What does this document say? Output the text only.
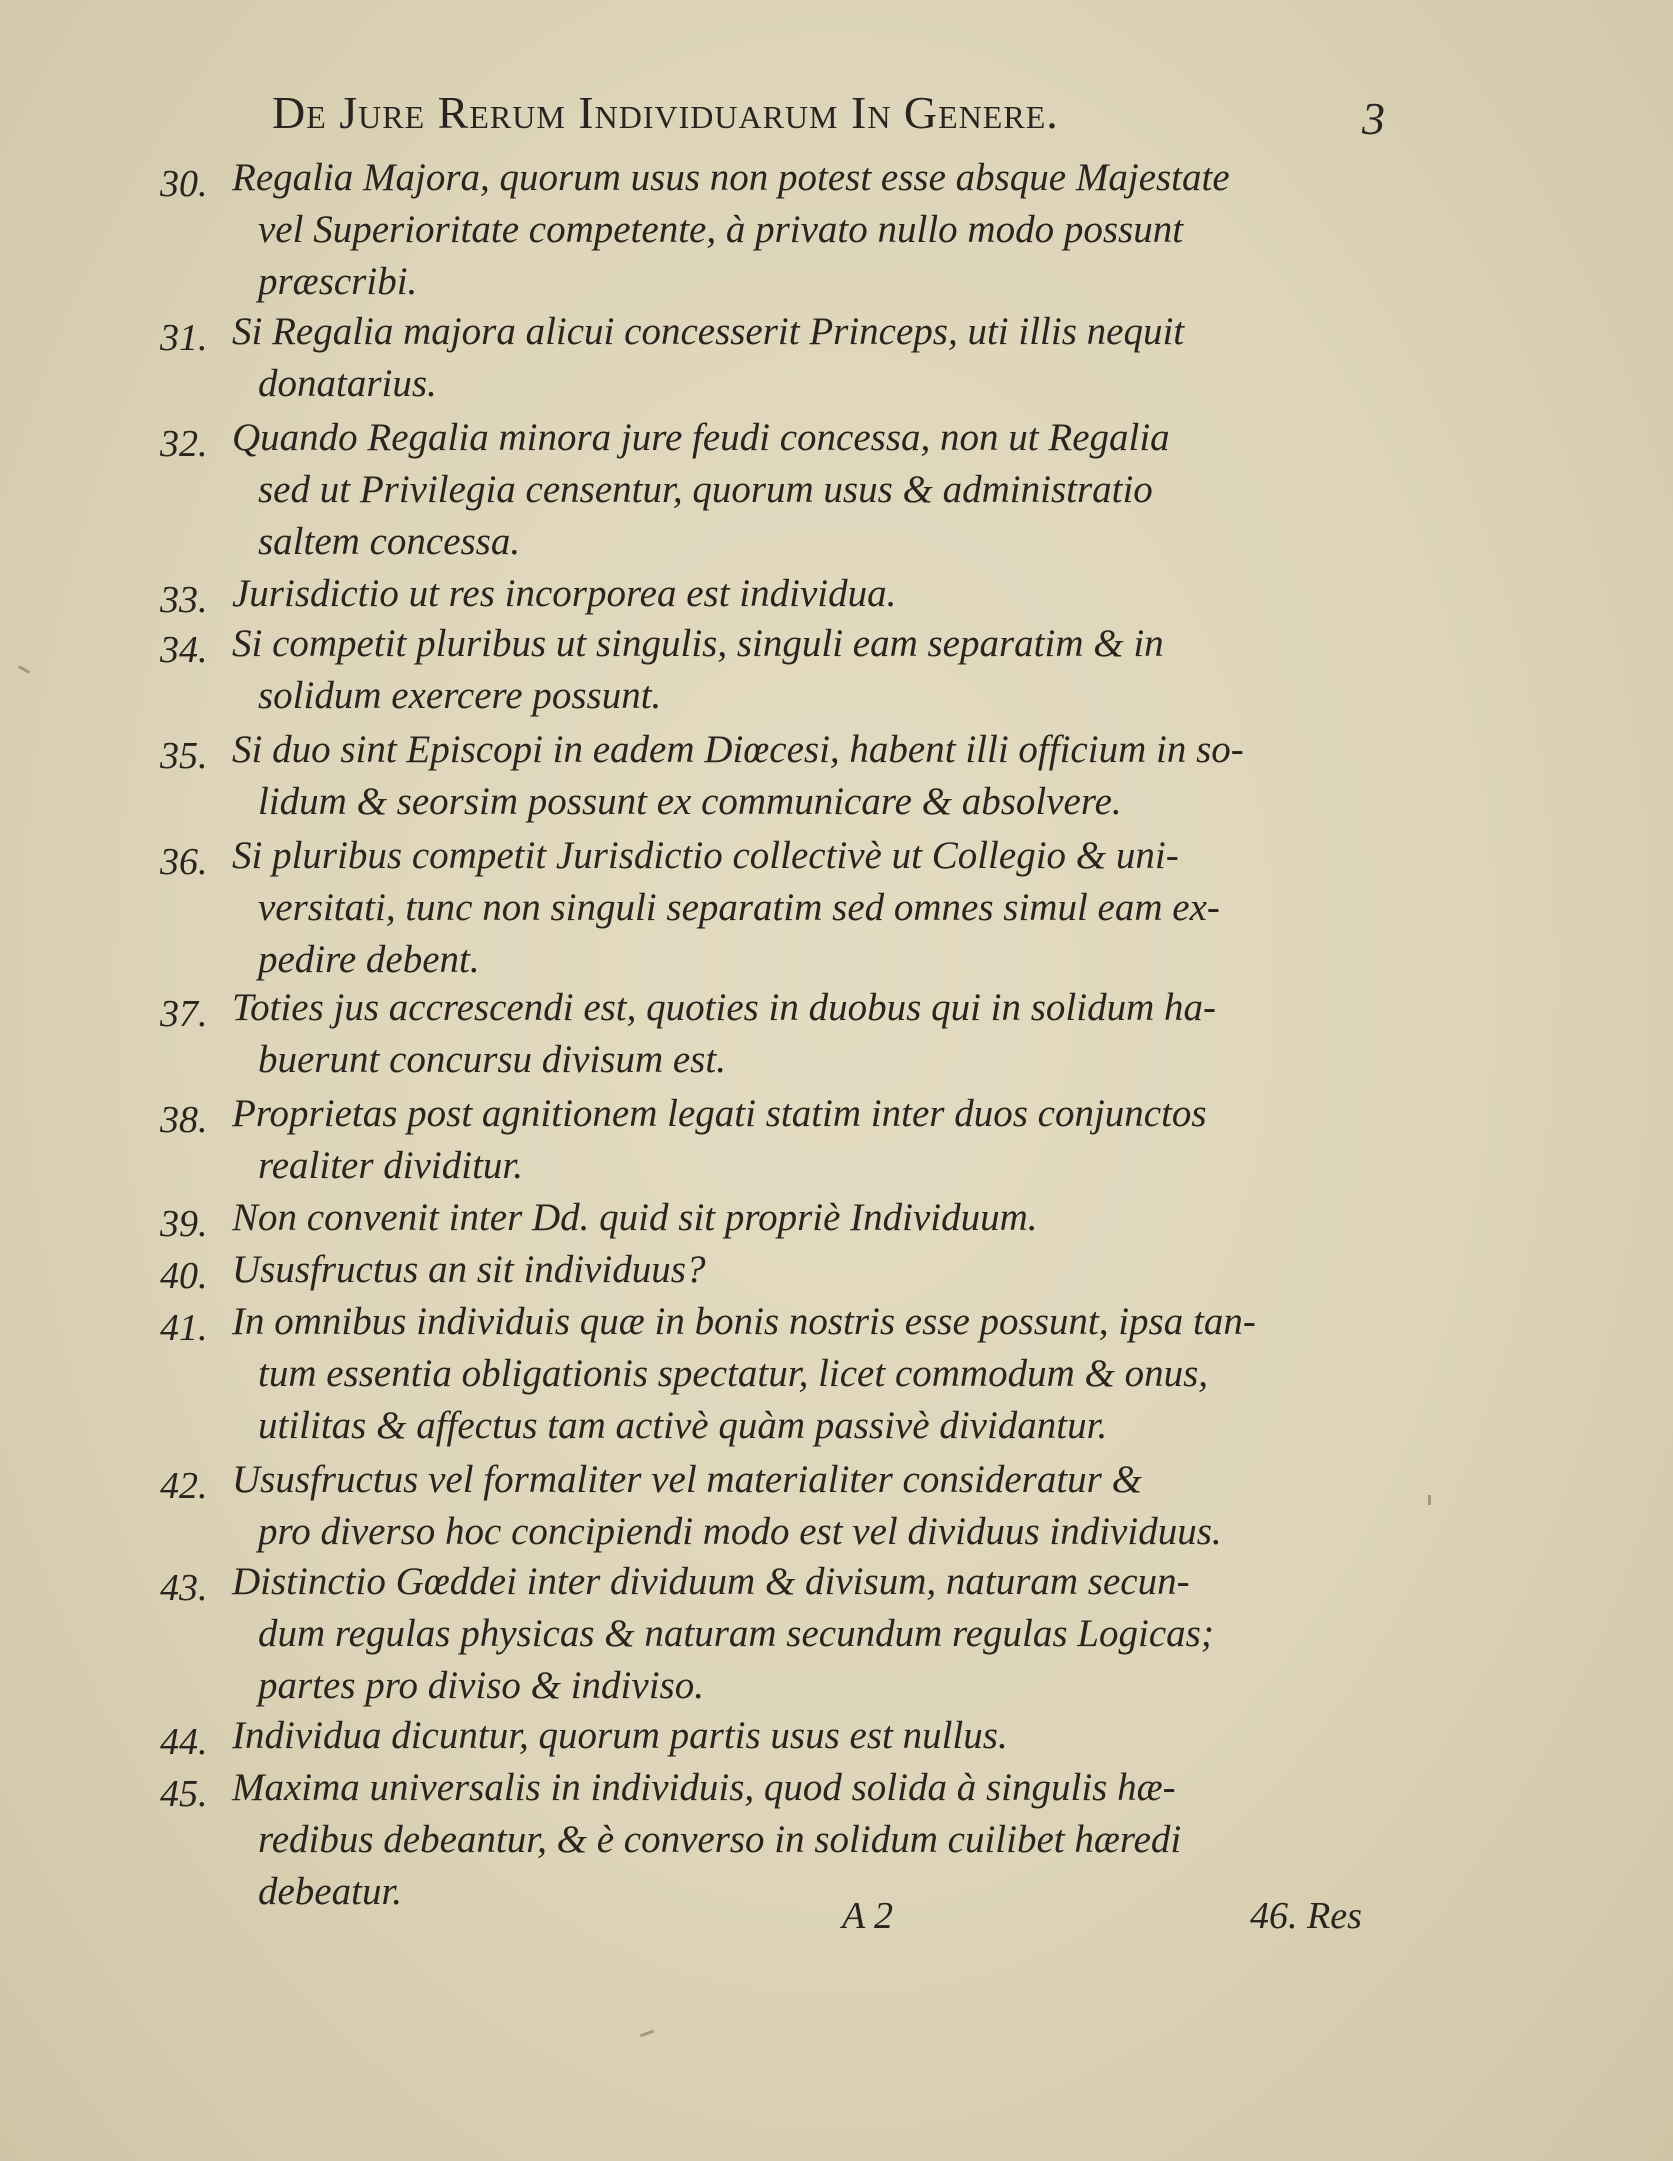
De Jure Rerum Individuarum In Genere.	3
30. Regalia Majora, quorum usus non potest esse absque Majestate
vel Superioritate competente, à privato nullo modo possunt
præscribi.
31. Si Regalia majora alicui concesserit Princeps, uti illis nequit
donatarius.
32. Quando Regalia minora jure feudi concessa, non ut Regalia
sed ut Privilegia censentur, quorum usus & administratio
saltem concessa.
33. Jurisdictio ut res incorporea est individua.
34. Si competit pluribus ut singulis, singuli eam separatim & in
solidum exercere possunt.
35. Si duo sint Episcopi in eadem Diœcesi, habent illi officium in so-
lidum & seorsim possunt ex communicare & absolvere.
36. Si pluribus competit Jurisdictio collectivè ut Collegio & uni-
versitati, tunc non singuli separatim sed omnes simul eam ex-
pedire debent.
37. Toties jus accrescendi est, quoties in duobus qui in solidum ha-
buerunt concursu divisum est.
38. Proprietas post agnitionem legati statim inter duos conjunctos
realiter dividitur.
39. Non convenit inter Dd. quid sit propriè Individuum.
40. Ususfructus an sit individuus?
41. In omnibus individuis quæ in bonis nostris esse possunt, ipsa tan-
tum essentia obligationis spectatur, licet commodum & onus,
utilitas & affectus tam activè quàm passivè dividantur.
42. Ususfructus vel formaliter vel materialiter consideratur &
pro diverso hoc concipiendi modo est vel dividuus individuus.
43. Distinctio Gœddei inter dividuum & divisum, naturam secun-
dum regulas physicas & naturam secundum regulas Logicas;
partes pro diviso & indiviso.
44. Individua dicuntur, quorum partis usus est nullus.
45. Maxima universalis in individuis, quod solida à singulis hæ-
redibus debeantur, & è converso in solidum cuilibet hæredi
debeatur.
A 2	46. Res
